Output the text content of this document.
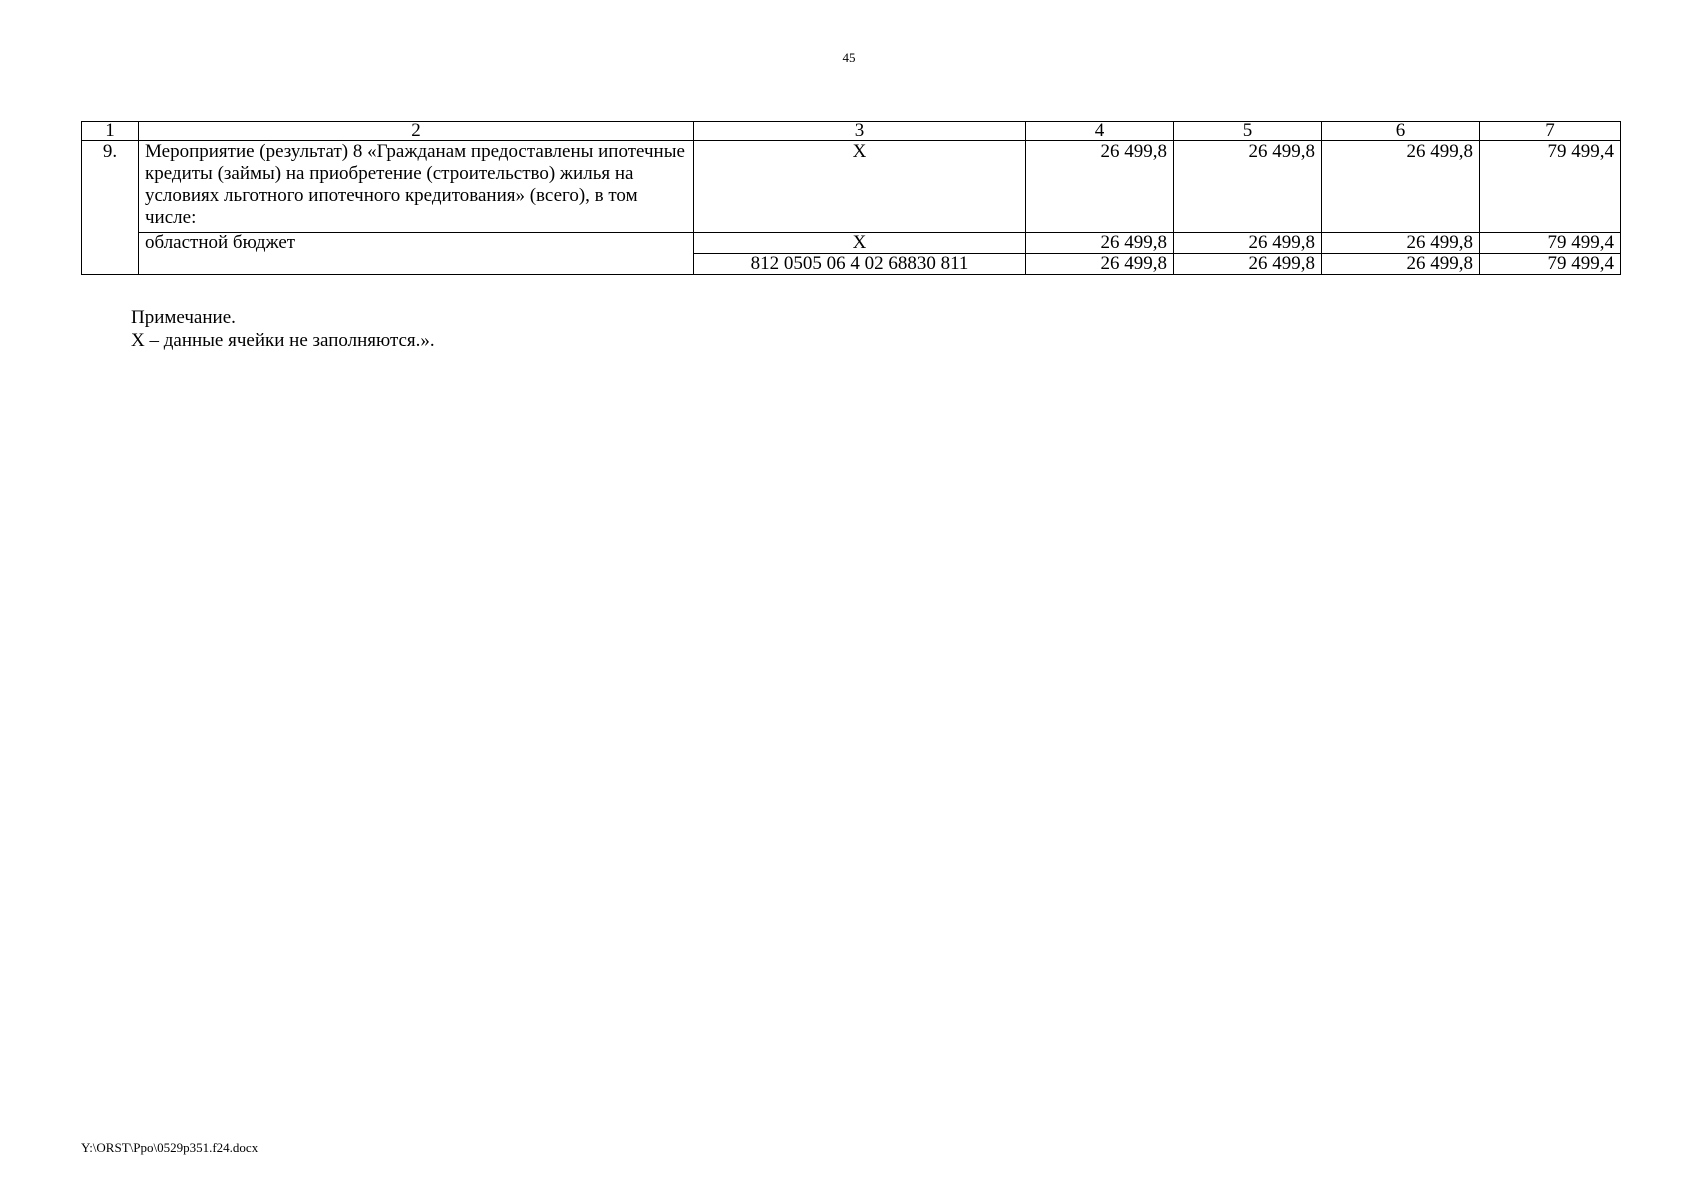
45
1	2	3	4	5	6	7
9.	Мероприятие (результат) 8 «Гражданам предоставлены ипотечные кредиты (займы) на приобретение (строительство) жилья на условиях льготного ипотечного кредитования» (всего), в том числе:	Х	26 499,8	26 499,8	26 499,8	79 499,4
	областной бюджет	Х	26 499,8	26 499,8	26 499,8	79 499,4
		812 0505 06 4 02 68830 811	26 499,8	26 499,8	26 499,8	79 499,4
Примечание.
Х – данные ячейки не заполняются.».
Y:\ORST\Ppo\0529p351.f24.docx
